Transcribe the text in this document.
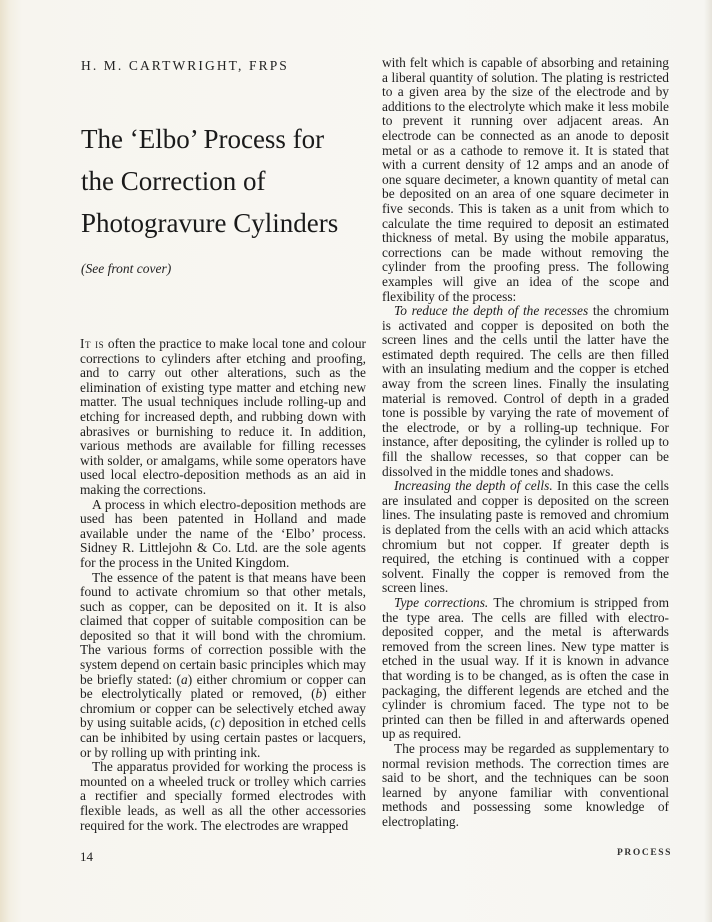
H. M. CARTWRIGHT, FRPS
The ‘Elbo’ Process for
the Correction of
Photogravure Cylinders
(See front cover)

It is often the practice to make local tone and colour corrections to cylinders after etching and proofing, and to carry out other alterations, such as the elimination of existing type matter and etching new matter. The usual techniques include rolling-up and etching for increased depth, and rubbing down with abrasives or burnishing to reduce it. In addition, various methods are available for filling recesses with solder, or amalgams, while some operators have used local electro-deposition methods as an aid in making the corrections.

A process in which electro-deposition methods are used has been patented in Holland and made available under the name of the ‘Elbo’ process. Sidney R. Littlejohn & Co. Ltd. are the sole agents for the process in the United Kingdom.

The essence of the patent is that means have been found to activate chromium so that other metals, such as copper, can be deposited on it. It is also claimed that copper of suitable composition can be deposited so that it will bond with the chromium. The various forms of correction possible with the system depend on certain basic principles which may be briefly stated: (a) either chromium or copper can be electrolytically plated or removed, (b) either chromium or copper can be selectively etched away by using suitable acids, (c) deposition in etched cells can be inhibited by using certain pastes or lacquers, or by rolling up with printing ink.

The apparatus provided for working the process is mounted on a wheeled truck or trolley which carries a rectifier and specially formed electrodes with flexible leads, as well as all the other accessories required for the work. The electrodes are wrapped

with felt which is capable of absorbing and retaining a liberal quantity of solution. The plating is restricted to a given area by the size of the electrode and by additions to the electrolyte which make it less mobile to prevent it running over adjacent areas. An electrode can be connected as an anode to deposit metal or as a cathode to remove it. It is stated that with a current density of 12 amps and an anode of one square decimeter, a known quantity of metal can be deposited on an area of one square decimeter in five seconds. This is taken as a unit from which to calculate the time required to deposit an estimated thickness of metal. By using the mobile apparatus, corrections can be made without removing the cylinder from the proofing press. The following examples will give an idea of the scope and flexibility of the process:

To reduce the depth of the recesses the chromium is activated and copper is deposited on both the screen lines and the cells until the latter have the estimated depth required. The cells are then filled with an insulating medium and the copper is etched away from the screen lines. Finally the insulating material is removed. Control of depth in a graded tone is possible by varying the rate of movement of the electrode, or by a rolling-up technique. For instance, after depositing, the cylinder is rolled up to fill the shallow recesses, so that copper can be dissolved in the middle tones and shadows.

Increasing the depth of cells. In this case the cells are insulated and copper is deposited on the screen lines. The insulating paste is removed and chromium is deplated from the cells with an acid which attacks chromium but not copper. If greater depth is required, the etching is continued with a copper solvent. Finally the copper is removed from the screen lines.

Type corrections. The chromium is stripped from the type area. The cells are filled with electro-deposited copper, and the metal is afterwards removed from the screen lines. New type matter is etched in the usual way. If it is known in advance that wording is to be changed, as is often the case in packaging, the different legends are etched and the cylinder is chromium faced. The type not to be printed can then be filled in and afterwards opened up as required.

The process may be regarded as supplementary to normal revision methods. The correction times are said to be short, and the techniques can be soon learned by anyone familiar with conventional methods and possessing some knowledge of electroplating.

14	PROCESS
